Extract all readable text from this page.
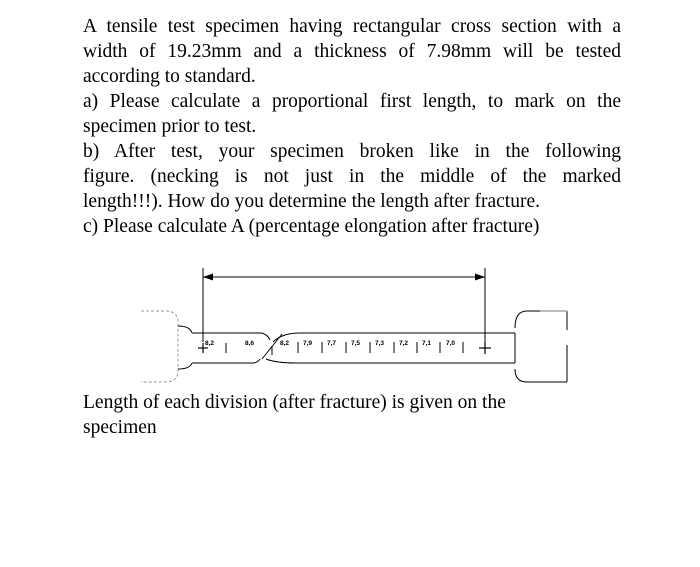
A tensile test specimen having rectangular cross section with a
width of 19.23mm and a thickness of 7.98mm will be tested
according to standard.
a) Please calculate a proportional first length, to mark on the
specimen prior to test.
b) After test, your specimen broken like in the following
figure. (necking is not just in the middle of the marked
length!!!). How do you determine the length after fracture.
c) Please calculate A (percentage elongation after fracture)
8,2	8,6	8,2 7,9 7,7 7,5 7,3 7,2 7,1 7,0
Length of each division (after fracture) is given on the
specimen
